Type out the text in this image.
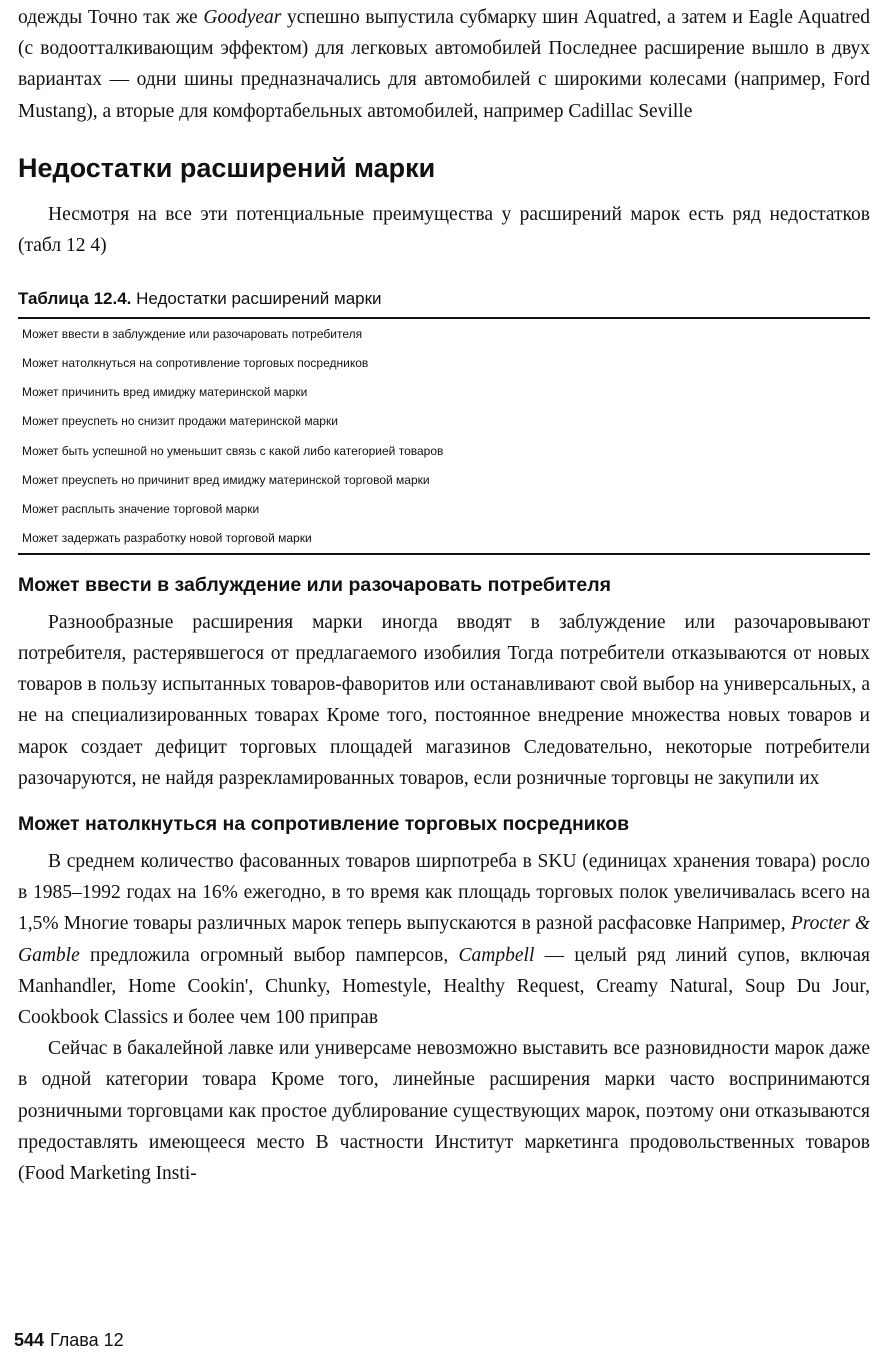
одежды Точно так же Goodyear успешно выпустила субмарку шин Aquatred, а затем и Eagle Aquatred (с водоотталкивающим эффектом) для легковых автомобилей Последнее расширение вышло в двух вариантах — одни шины предназначались для автомобилей с широкими колесами (например, Ford Mustang), а вторые для комфортабельных автомобилей, например Cadillac Seville

Недостатки расширений марки

Несмотря на все эти потенциальные преимущества у расширений марок есть ряд недостатков (табл 12 4)

Таблица 12.4. Недостатки расширений марки
Может ввести в заблуждение или разочаровать потребителя
Может натолкнуться на сопротивление торговых посредников
Может причинить вред имиджу материнской марки
Может преуспеть но снизит продажи материнской марки
Может быть успешной но уменьшит связь с какой либо категорией товаров
Может преуспеть но причинит вред имиджу материнской торговой марки
Может расплыть значение торговой марки
Может задержать разработку новой торговой марки
Может ввести в заблуждение или разочаровать потребителя

Разнообразные расширения марки иногда вводят в заблуждение или разочаровывают потребителя, растерявшегося от предлагаемого изобилия Тогда потребители отказываются от новых товаров в пользу испытанных товаров-фаворитов или останавливают свой выбор на универсальных, а не на специализированных товарах Кроме того, постоянное внедрение множества новых товаров и марок создает дефицит торговых площадей магазинов Следовательно, некоторые потребители разочаруются, не найдя разрекламированных товаров, если розничные торговцы не закупили их

Может натолкнуться на сопротивление торговых посредников

В среднем количество фасованных товаров ширпотреба в SKU (единицах хранения товара) росло в 1985–1992 годах на 16% ежегодно, в то время как площадь торговых полок увеличивалась всего на 1,5% Многие товары различных марок теперь выпускаются в разной расфасовке Например, Procter & Gamble предложила огромный выбор памперсов, Campbell — целый ряд линий супов, включая Manhandler, Home Cookin', Chunky, Homestyle, Healthy Request, Creamy Natural, Soup Du Jour, Cookbook Classics и более чем 100 приправ

Сейчас в бакалейной лавке или универсаме невозможно выставить все разновидности марок даже в одной категории товара Кроме того, линейные расширения марки часто воспринимаются розничными торговцами как простое дублирование существующих марок, поэтому они отказываются предоставлять имеющееся место В частности Институт маркетинга продовольственных товаров (Food Marketing Insti-

544 Глава 12
